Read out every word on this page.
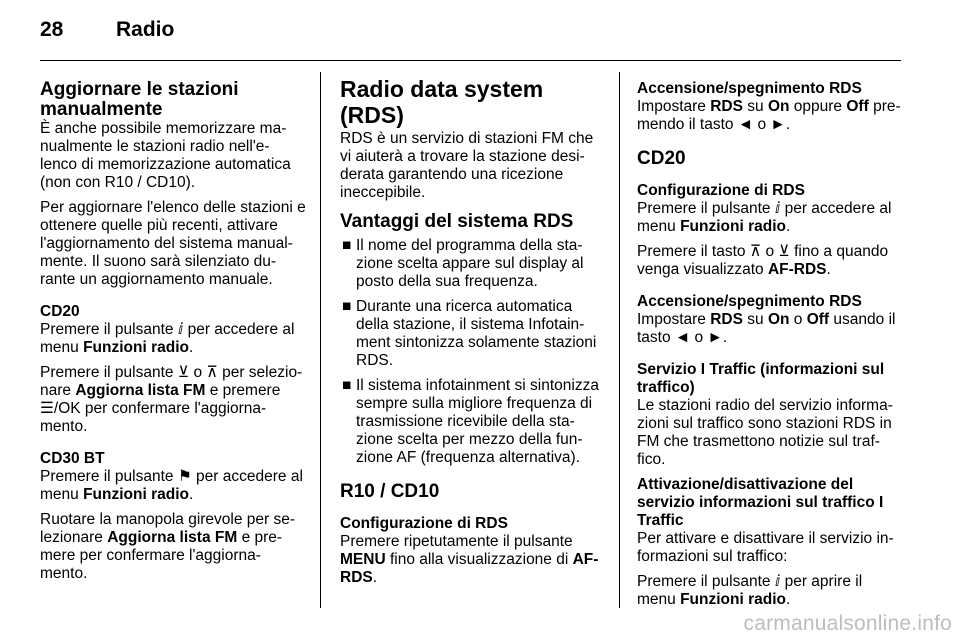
28	Radio
Aggiornare le stazioni manualmente

È anche possibile memorizzare ma-nualmente le stazioni radio nell'e-lenco di memorizzazione automatica (non con R10 / CD10).

Per aggiornare l'elenco delle stazioni e ottenere quelle più recenti, attivare l'aggiornamento del sistema manual-mente. Il suono sarà silenziato du-rante un aggiornamento manuale.

CD20

Premere il pulsante ⅈ per accedere al menu Funzioni radio.

Premere il pulsante ⊻ o ⊼ per selezio-nare Aggiorna lista FM e premere ☰/OK per confermare l'aggiorna-mento.

CD30 BT

Premere il pulsante ⚑ per accedere al menu Funzioni radio.

Ruotare la manopola girevole per se-lezionare Aggiorna lista FM e pre-mere per confermare l'aggiorna-mento.

Radio data system (RDS)

RDS è un servizio di stazioni FM che vi aiuterà a trovare la stazione desi-derata garantendo una ricezione ineccepibile.

Vantaggi del sistema RDS
■ Il nome del programma della sta-zione scelta appare sul display al posto della sua frequenza.
■ Durante una ricerca automatica della stazione, il sistema Infotain-ment sintonizza solamente stazioni RDS.
■ Il sistema infotainment si sintonizza sempre sulla migliore frequenza di trasmissione ricevibile della sta-zione scelta per mezzo della fun-zione AF (frequenza alternativa).
R10 / CD10
Configurazione di RDS

Premere ripetutamente il pulsante MENU fino alla visualizzazione di AF-RDS.

Accensione/spegnimento RDS

Impostare RDS su On oppure Off pre-mendo il tasto ◄ o ►.

CD20
Configurazione di RDS

Premere il pulsante ⅈ per accedere al menu Funzioni radio.

Premere il tasto ⊼ o ⊻ fino a quando venga visualizzato AF-RDS.

Accensione/spegnimento RDS

Impostare RDS su On o Off usando il tasto ◄ o ►.

Servizio I Traffic (informazioni sul traffico)

Le stazioni radio del servizio informa-zioni sul traffico sono stazioni RDS in FM che trasmettono notizie sul traf-fico.

Attivazione/disattivazione del servizio informazioni sul traffico I Traffic

Per attivare e disattivare il servizio in-formazioni sul traffico:

Premere il pulsante ⅈ per aprire il menu Funzioni radio.

carmanualsonline.info
